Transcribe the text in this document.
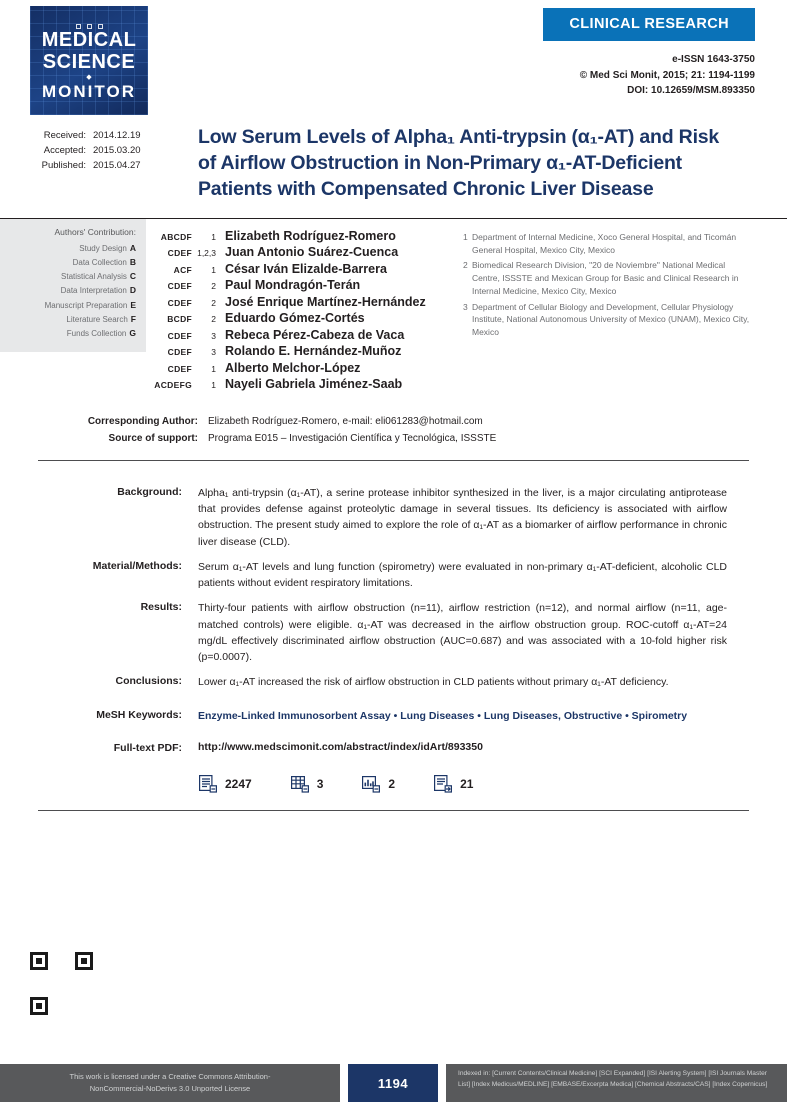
MEDICAL
SCIENCE
◆
MONITOR
CLINICAL RESEARCH
e-ISSN 1643-3750
© Med Sci Monit, 2015; 21: 1194-1199
DOI: 10.12659/MSM.893350
Received: 2014.12.19
Accepted: 2015.03.20
Published: 2015.04.27
Low Serum Levels of Alpha₁ Anti-trypsin (α₁-AT) and Risk of Airflow Obstruction in Non-Primary α₁-AT-Deficient Patients with Compensated Chronic Liver Disease
Authors' Contribution:
Study Design A
Data Collection B
Statistical Analysis C
Data Interpretation D
Manuscript Preparation E
Literature Search F
Funds Collection G
ABCDF	1 Elizabeth Rodríguez-Romero
CDEF 1,2,3 Juan Antonio Suárez-Cuenca
ACF	1 César Iván Elizalde-Barrera
CDEF	2 Paul Mondragón-Terán
CDEF	2 José Enrique Martínez-Hernández
BCDF	2 Eduardo Gómez-Cortés
CDEF	3 Rebeca Pérez-Cabeza de Vaca
CDEF	3 Rolando E. Hernández-Muñoz
CDEF	1 Alberto Melchor-López
ACDEFG	1 Nayeli Gabriela Jiménez-Saab
1 Department of Internal Medicine, Xoco General Hospital, and Ticomán General Hospital, Mexico City, Mexico
2 Biomedical Research Division, "20 de Noviembre" National Medical Centre, ISSSTE and Mexican Group for Basic and Clinical Research in Internal Medicine, Mexico City, Mexico
3 Department of Cellular Biology and Development, Cellular Physiology Institute, National Autonomous University of Mexico (UNAM), Mexico City, Mexico
Corresponding Author: Elizabeth Rodríguez-Romero, e-mail: eli061283@hotmail.com
Source of support: Programa E015 – Investigación Científica y Tecnológica, ISSSTE
Background: Alpha₁ anti-trypsin (α₁-AT), a serine protease inhibitor synthesized in the liver, is a major circulating antiprotease that provides defense against proteolytic damage in several tissues. Its deficiency is associated with airflow obstruction. The present study aimed to explore the role of α₁-AT as a biomarker of airflow performance in chronic liver disease (CLD).
Material/Methods: Serum α₁-AT levels and lung function (spirometry) were evaluated in non-primary α₁-AT-deficient, alcoholic CLD patients without evident respiratory limitations.
Results: Thirty-four patients with airflow obstruction (n=11), airflow restriction (n=12), and normal airflow (n=11, age-matched controls) were eligible. α₁-AT was decreased in the airflow obstruction group. ROC-cutoff α₁-AT=24 mg/dL effectively discriminated airflow obstruction (AUC=0.687) and was associated with a 10-fold higher risk (p=0.0007).
Conclusions: Lower α₁-AT increased the risk of airflow obstruction in CLD patients without primary α₁-AT deficiency.
MeSH Keywords: Enzyme-Linked Immunosorbent Assay • Lung Diseases • Lung Diseases, Obstructive • Spirometry
Full-text PDF: http://www.medscimonit.com/abstract/index/idArt/893350
2247	3	2	21
This work is licensed under a Creative Commons Attribution-NonCommercial-NoDerivs 3.0 Unported License	1194
Indexed in: [Current Contents/Clinical Medicine] [SCI Expanded] [ISI Alerting System] [ISI Journals Master List] [Index Medicus/MEDLINE] [EMBASE/Excerpta Medica] [Chemical Abstracts/CAS] [Index Copernicus]
